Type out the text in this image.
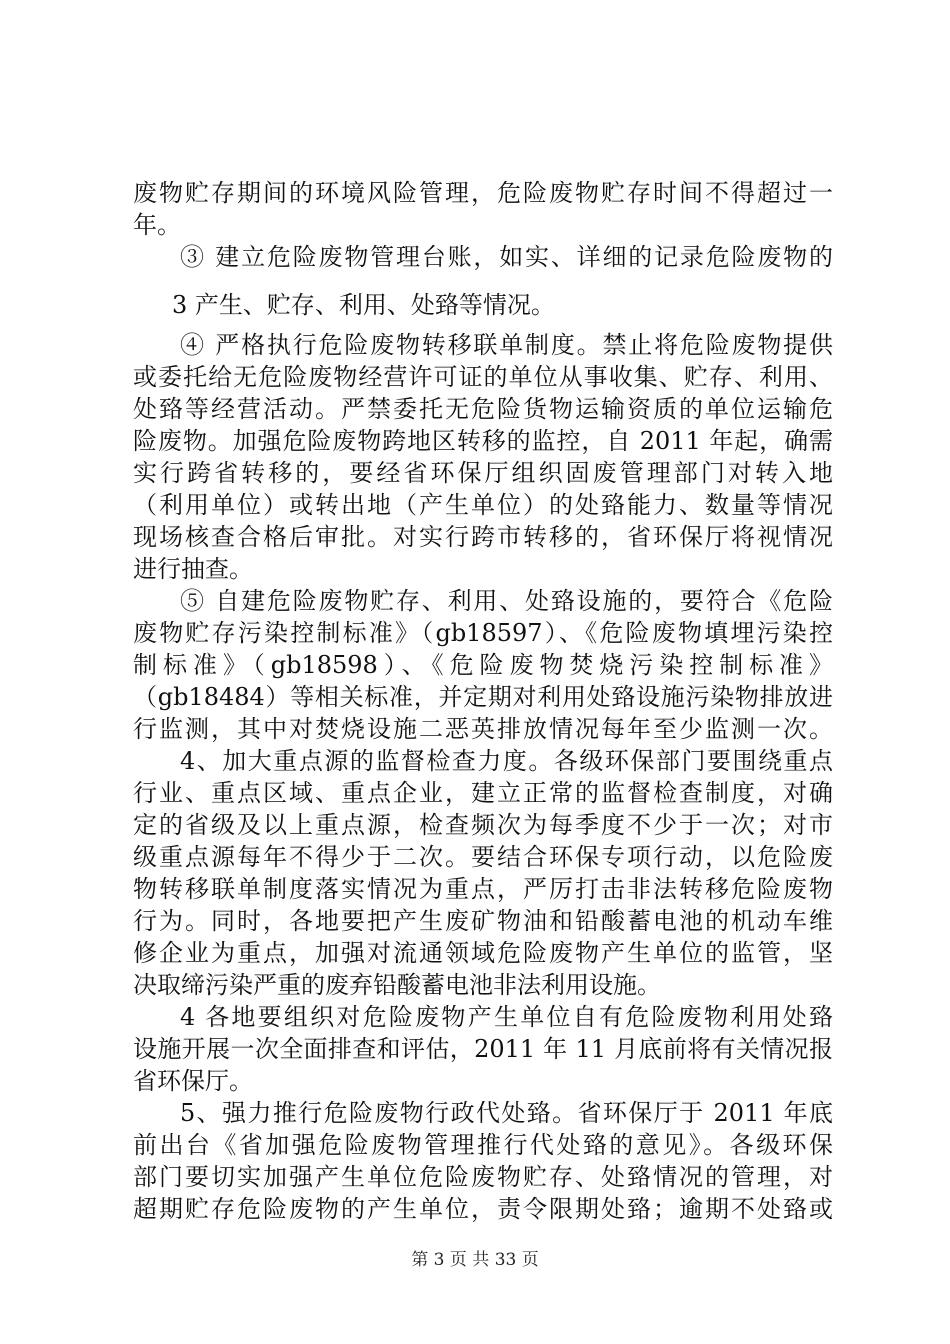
废物贮存期间的环境风险管理，危险废物贮存时间不得超过一
年。
③ 建立危险废物管理台账，如实、详细的记录危险废物的
3 产生、贮存、利用、处臵等情况。
④ 严格执行危险废物转移联单制度。禁止将危险废物提供
或委托给无危险废物经营许可证的单位从事收集、贮存、利用、
处臵等经营活动。严禁委托无危险货物运输资质的单位运输危
险废物。加强危险废物跨地区转移的监控，自 2011 年起，确需
实行跨省转移的，要经省环保厅组织固废管理部门对转入地
（利用单位）或转出地（产生单位）的处臵能力、数量等情况
现场核查合格后审批。对实行跨市转移的，省环保厅将视情况
进行抽查。
⑤ 自建危险废物贮存、利用、处臵设施的，要符合《危险
废物贮存污染控制标准》（gb18597）、《危险废物填埋污染控
制标准》（gb18598）、《危险废物焚烧污染控制标准》
（gb18484）等相关标准，并定期对利用处臵设施污染物排放进
行监测，其中对焚烧设施二恶英排放情况每年至少监测一次。
4、加大重点源的监督检查力度。各级环保部门要围绕重点
行业、重点区域、重点企业，建立正常的监督检查制度，对确
定的省级及以上重点源，检查频次为每季度不少于一次；对市
级重点源每年不得少于二次。要结合环保专项行动，以危险废
物转移联单制度落实情况为重点，严厉打击非法转移危险废物
行为。同时，各地要把产生废矿物油和铅酸蓄电池的机动车维
修企业为重点，加强对流通领域危险废物产生单位的监管，坚
决取缔污染严重的废弃铅酸蓄电池非法利用设施。
4 各地要组织对危险废物产生单位自有危险废物利用处臵
设施开展一次全面排查和评估，2011 年 11 月底前将有关情况报
省环保厅。
5、强力推行危险废物行政代处臵。省环保厅于 2011 年底
前出台《省加强危险废物管理推行代处臵的意见》。各级环保
部门要切实加强产生单位危险废物贮存、处臵情况的管理，对
超期贮存危险废物的产生单位，责令限期处臵；逾期不处臵或
第 3 页 共 33 页
